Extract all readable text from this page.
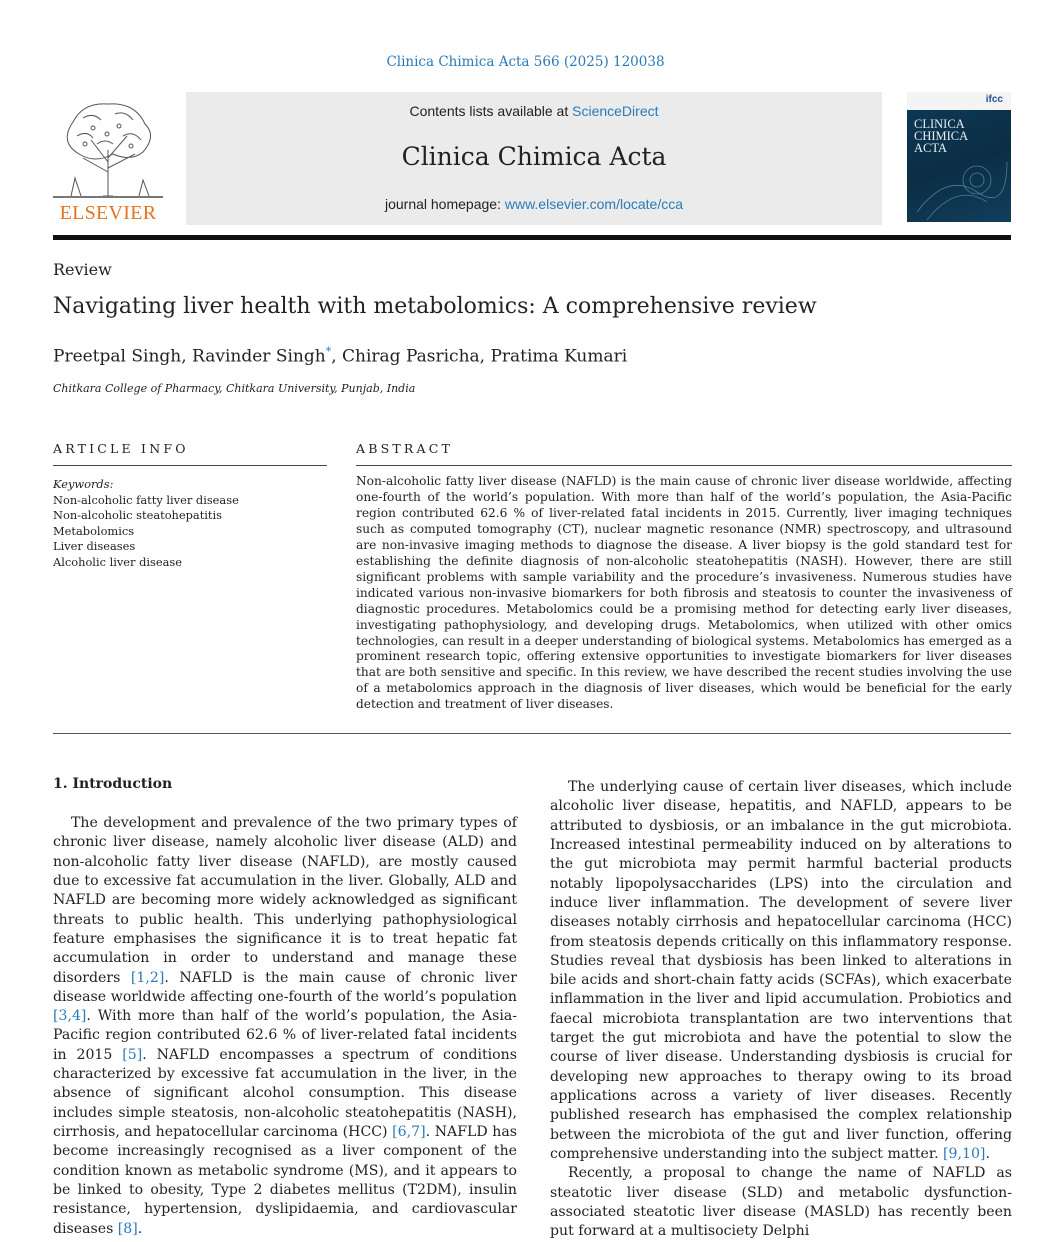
Clinica Chimica Acta 566 (2025) 120038
ELSEVIER
Contents lists available at ScienceDirect
Clinica Chimica Acta
journal homepage: www.elsevier.com/locate/cca
ifcc
CLINICA
CHIMICA
ACTA
Review
Navigating liver health with metabolomics: A comprehensive review
Preetpal Singh, Ravinder Singh*, Chirag Pasricha, Pratima Kumari
Chitkara College of Pharmacy, Chitkara University, Punjab, India
ARTICLE INFO	ABSTRACT
Keywords:
Non-alcoholic fatty liver disease
Non-alcoholic steatohepatitis
Metabolomics
Liver diseases
Alcoholic liver disease
Non-alcoholic fatty liver disease (NAFLD) is the main cause of chronic liver disease worldwide, affecting one-fourth of the world’s population. With more than half of the world’s population, the Asia-Pacific region contributed 62.6 % of liver-related fatal incidents in 2015. Currently, liver imaging techniques such as computed tomography (CT), nuclear magnetic resonance (NMR) spectroscopy, and ultrasound are non-invasive imaging methods to diagnose the disease. A liver biopsy is the gold standard test for establishing the definite diagnosis of non-alcoholic steatohepatitis (NASH). However, there are still significant problems with sample variability and the procedure’s invasiveness. Numerous studies have indicated various non-invasive biomarkers for both fibrosis and steatosis to counter the invasiveness of diagnostic procedures. Metabolomics could be a promising method for detecting early liver diseases, investigating pathophysiology, and developing drugs. Metabolomics, when utilized with other omics technologies, can result in a deeper understanding of biological systems. Metabolomics has emerged as a prominent research topic, offering extensive opportunities to investigate biomarkers for liver diseases that are both sensitive and specific. In this review, we have described the recent studies involving the use of a metabolomics approach in the diagnosis of liver diseases, which would be beneficial for the early detection and treatment of liver diseases.
1. Introduction

The development and prevalence of the two primary types of chronic liver disease, namely alcoholic liver disease (ALD) and non-alcoholic fatty liver disease (NAFLD), are mostly caused due to excessive fat accumulation in the liver. Globally, ALD and NAFLD are becoming more widely acknowledged as significant threats to public health. This underlying pathophysiological feature emphasises the significance it is to treat hepatic fat accumulation in order to understand and manage these disorders [1,2]. NAFLD is the main cause of chronic liver disease worldwide affecting one-fourth of the world’s population [3,4]. With more than half of the world’s population, the Asia-Pacific region contributed 62.6 % of liver-related fatal incidents in 2015 [5]. NAFLD encompasses a spectrum of conditions characterized by excessive fat accumulation in the liver, in the absence of significant alcohol consumption. This disease includes simple steatosis, non-alcoholic steatohepatitis (NASH), cirrhosis, and hepatocellular carcinoma (HCC) [6,7]. NAFLD has become increasingly recognised as a liver component of the condition known as metabolic syndrome (MS), and it appears to be linked to obesity, Type 2 diabetes mellitus (T2DM), insulin resistance, hypertension, dyslipidaemia, and cardiovascular diseases [8].

The underlying cause of certain liver diseases, which include alcoholic liver disease, hepatitis, and NAFLD, appears to be attributed to dysbiosis, or an imbalance in the gut microbiota. Increased intestinal permeability induced on by alterations to the gut microbiota may permit harmful bacterial products notably lipopolysaccharides (LPS) into the circulation and induce liver inflammation. The development of severe liver diseases notably cirrhosis and hepatocellular carcinoma (HCC) from steatosis depends critically on this inflammatory response. Studies reveal that dysbiosis has been linked to alterations in bile acids and short-chain fatty acids (SCFAs), which exacerbate inflammation in the liver and lipid accumulation. Probiotics and faecal microbiota transplantation are two interventions that target the gut microbiota and have the potential to slow the course of liver disease. Understanding dysbiosis is crucial for developing new approaches to therapy owing to its broad applications across a variety of liver diseases. Recently published research has emphasised the complex relationship between the microbiota of the gut and liver function, offering comprehensive understanding into the subject matter. [9,10].

Recently, a proposal to change the name of NAFLD as steatotic liver disease (SLD) and metabolic dysfunction-associated steatotic liver disease (MASLD) has recently been put forward at a multisociety Delphi
